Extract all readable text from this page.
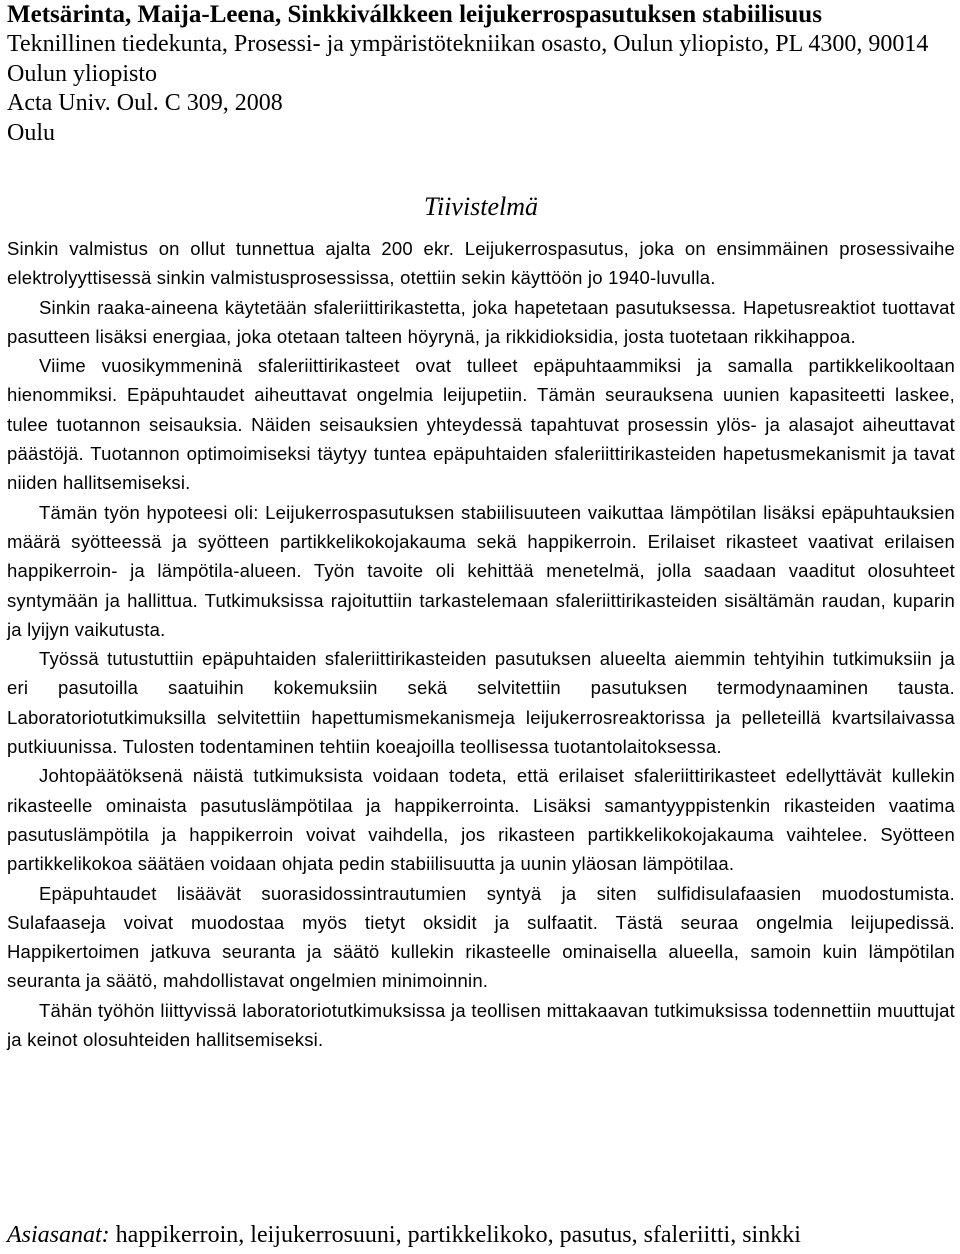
Metsärinta, Maija-Leena, Sinkkiválkkeen leijukerrospasutuksen stabiilisuus
Teknillinen tiedekunta, Prosessi- ja ympäristötekniikan osasto, Oulun yliopisto, PL 4300, 90014
Oulun yliopisto
Acta Univ. Oul. C 309, 2008
Oulu
Tiivistelmä

Sinkin valmistus on ollut tunnettua ajalta 200 ekr. Leijukerrospasutus, joka on ensimmäinen prosessivaihe elektrolyyttisessä sinkin valmistusprosessissa, otettiin sekin käyttöön jo 1940-luvulla.

Sinkin raaka-aineena käytetään sfaleriittirikastetta, joka hapetetaan pasutuksessa. Hapetusreaktiot tuottavat pasutteen lisäksi energiaa, joka otetaan talteen höyrynä, ja rikkidioksidia, josta tuotetaan rikkihappoa.

Viime vuosikymmeninä sfaleriittirikasteet ovat tulleet epäpuhtaammiksi ja samalla partikkelikooltaan hienommiksi. Epäpuhtaudet aiheuttavat ongelmia leijupetiin. Tämän seurauksena uunien kapasiteetti laskee, tulee tuotannon seisauksia. Näiden seisauksien yhteydessä tapahtuvat prosessin ylös- ja alasajot aiheuttavat päästöjä. Tuotannon optimoimiseksi täytyy tuntea epäpuhtaiden sfaleriittirikasteiden hapetusmekanismit ja tavat niiden hallitsemiseksi.

Tämän työn hypoteesi oli: Leijukerrospasutuksen stabiilisuuteen vaikuttaa lämpötilan lisäksi epäpuhtauksien määrä syötteessä ja syötteen partikkelikokojakauma sekä happikerroin. Erilaiset rikasteet vaativat erilaisen happikerroin- ja lämpötila-alueen. Työn tavoite oli kehittää menetelmä, jolla saadaan vaaditut olosuhteet syntymään ja hallittua. Tutkimuksissa rajoituttiin tarkastelemaan sfaleriittirikasteiden sisältämän raudan, kuparin ja lyijyn vaikutusta.

Työssä tutustuttiin epäpuhtaiden sfaleriittirikasteiden pasutuksen alueelta aiemmin tehtyihin tutkimuksiin ja eri pasutoilla saatuihin kokemuksiin sekä selvitettiin pasutuksen termodynaaminen tausta. Laboratoriotutkimuksilla selvitettiin hapettumismekanismeja leijukerrosreaktorissa ja pelleteillä kvartsilaivassa putkiuunissa. Tulosten todentaminen tehtiin koeajoilla teollisessa tuotantolaitoksessa.

Johtopäätöksenä näistä tutkimuksista voidaan todeta, että erilaiset sfaleriittirikasteet edellyttävät kullekin rikasteelle ominaista pasutuslämpötilaa ja happikerrointa. Lisäksi samantyyppistenkin rikasteiden vaatima pasutuslämpötila ja happikerroin voivat vaihdella, jos rikasteen partikkelikokojakauma vaihtelee. Syötteen partikkelikokoa säätäen voidaan ohjata pedin stabiilisuutta ja uunin yläosan lämpötilaa.

Epäpuhtaudet lisäävät suorasidossintrautumien syntyä ja siten sulfidisulafaasien muodostumista. Sulafaaseja voivat muodostaa myös tietyt oksidit ja sulfaatit. Tästä seuraa ongelmia leijupedissä. Happikertoimen jatkuva seuranta ja säätö kullekin rikasteelle ominaisella alueella, samoin kuin lämpötilan seuranta ja säätö, mahdollistavat ongelmien minimoinnin.

Tähän työhön liittyvissä laboratoriotutkimuksissa ja teollisen mittakaavan tutkimuksissa todennettiin muuttujat ja keinot olosuhteiden hallitsemiseksi.

Asiasanat: happikerroin, leijukerrosuuni, partikkelikoko, pasutus, sfaleriitti, sinkki
